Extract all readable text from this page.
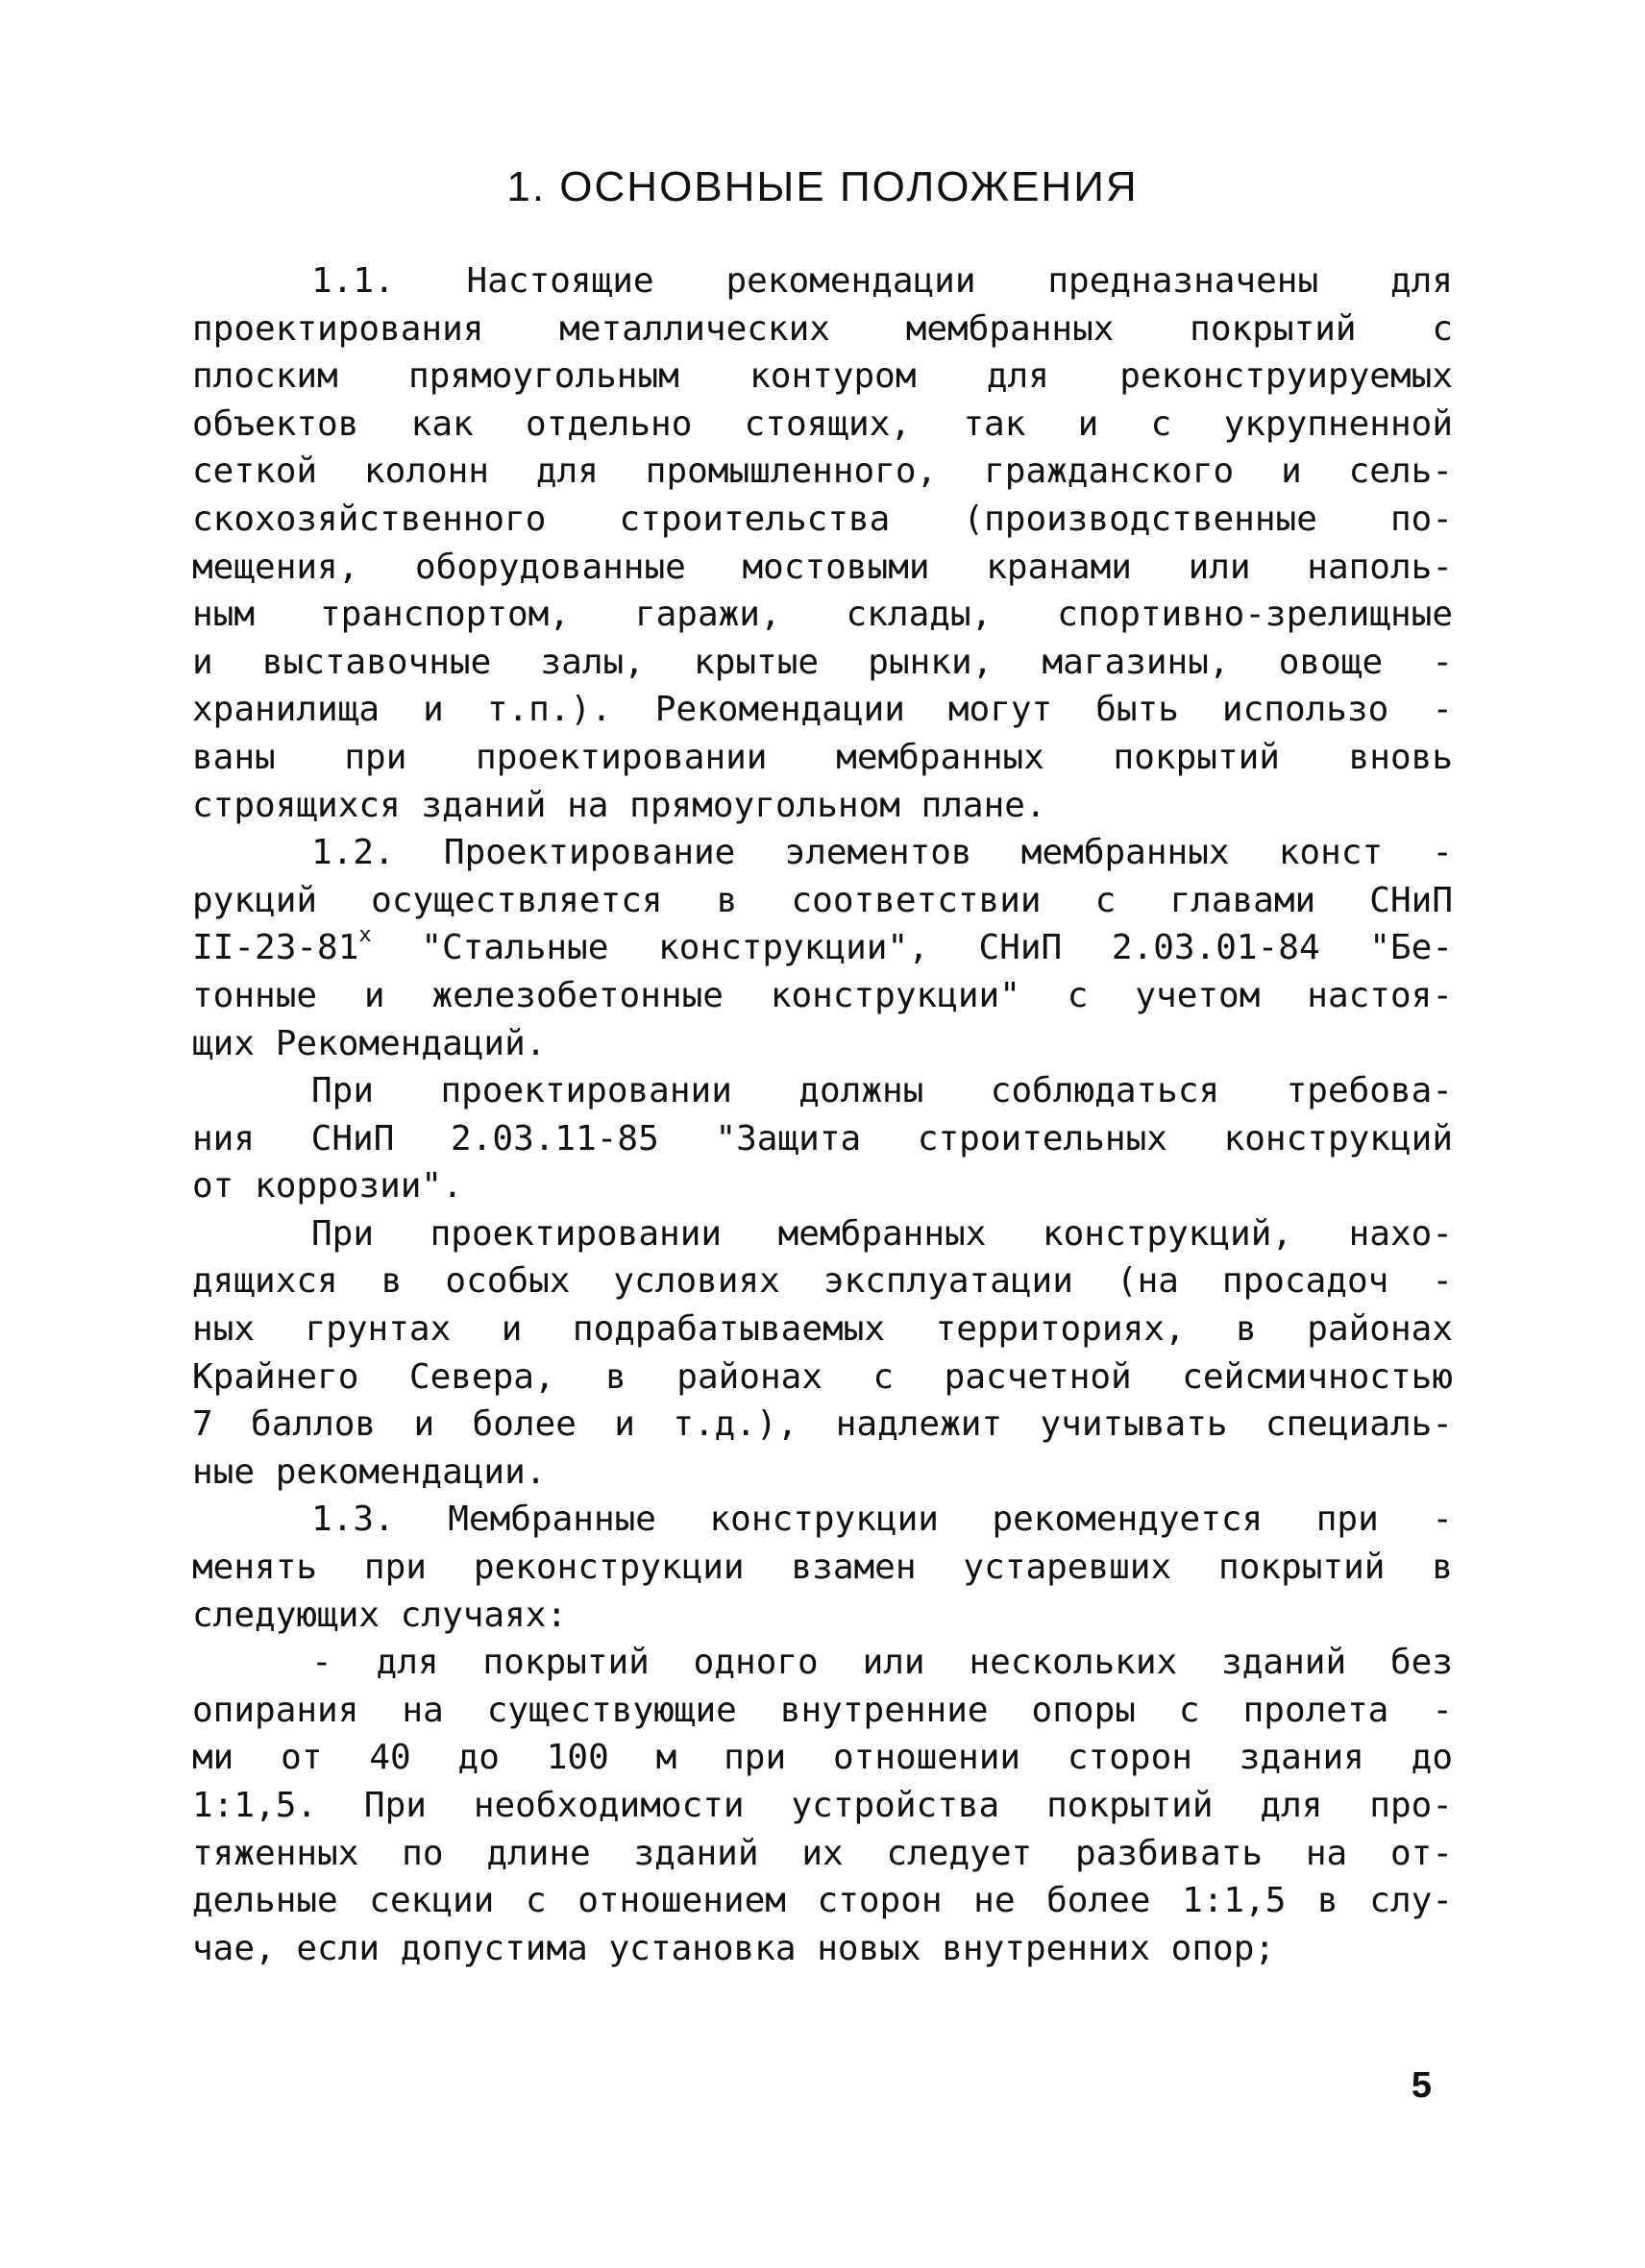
1. ОСНОВНЫЕ ПОЛОЖЕНИЯ
1.1. Настоящие рекомендации предназначены для
проектирования металлических мембранных покрытий с
плоским прямоугольным контуром для реконструируемых
объектов как отдельно стоящих, так и с укрупненной
сеткой колонн для промышленного, гражданского и сель-
скохозяйственного строительства (производственные по-
мещения, оборудованные мостовыми кранами или наполь-
ным транспортом, гаражи, склады, спортивно-зрелищные
и выставочные залы, крытые рынки, магазины, овоще -
хранилища и т.п.). Рекомендации могут быть использо -
ваны при проектировании мембранных покрытий вновь
строящихся зданий на прямоугольном плане.
1.2. Проектирование элементов мембранных конст -
рукций осуществляется в соответствии с главами СНиП
$II-23-81^х$ "Стальные конструкции", СНиП 2.03.01-84 "Бе-
тонные и железобетонные конструкции" с учетом настоя-
щих Рекомендаций.
При проектировании должны соблюдаться требова-
ния СНиП 2.03.11-85 "Защита строительных конструкций
от коррозии".
При проектировании мембранных конструкций, нахо-
дящихся в особых условиях эксплуатации (на просадоч -
ных грунтах и подрабатываемых территориях, в районах
Крайнего Севера, в районах с расчетной сейсмичностью
7 баллов и более и т.д.), надлежит учитывать специаль-
ные рекомендации.
1.3. Мембранные конструкции рекомендуется при -
менять при реконструкции взамен устаревших покрытий в
следующих случаях:
- для покрытий одного или нескольких зданий без
опирания на существующие внутренние опоры с пролета -
ми от 40 до 100 м при отношении сторон здания до
1:1,5. При необходимости устройства покрытий для про-
тяженных по длине зданий их следует разбивать на от-
дельные секции с отношением сторон не более 1:1,5 в слу-
чае, если допустима установка новых внутренних опор;
5
